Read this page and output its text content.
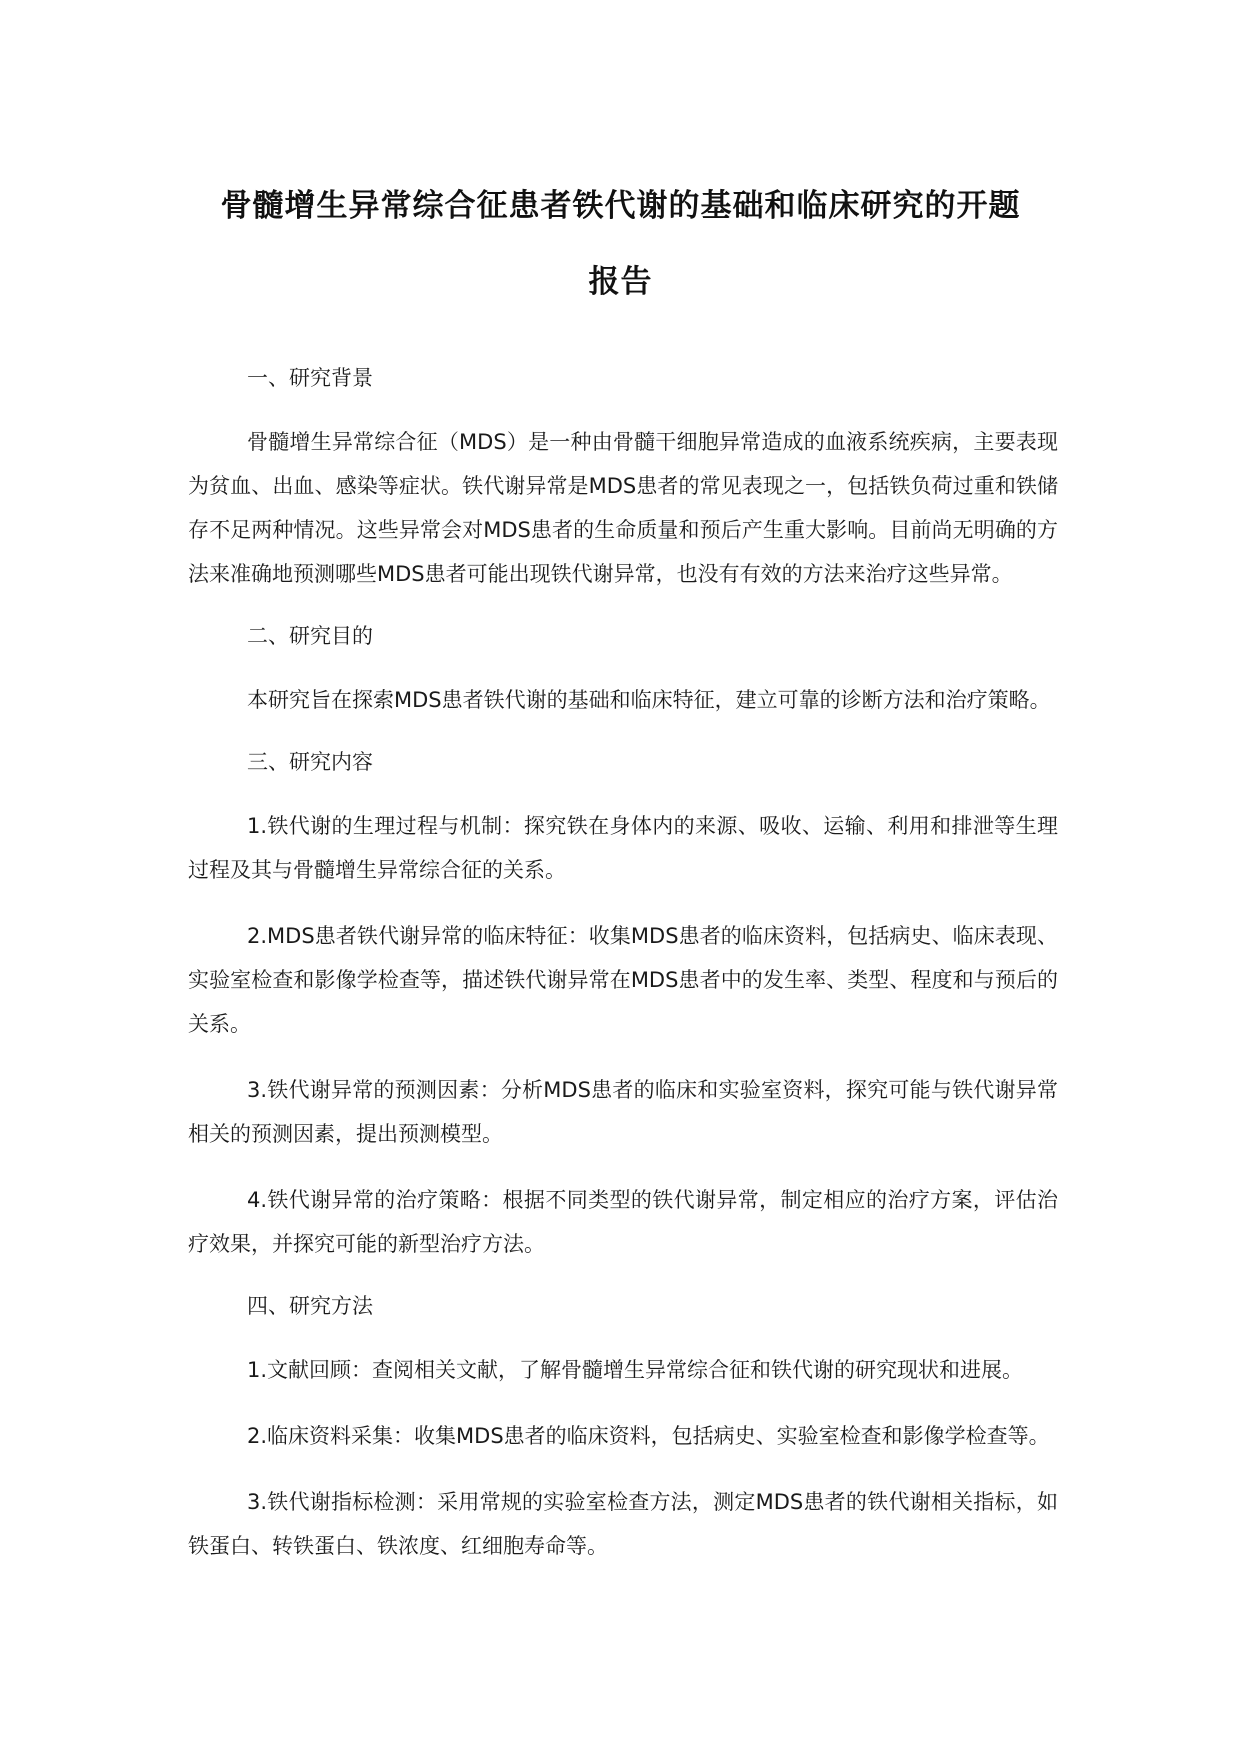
骨髓增生异常综合征患者铁代谢的基础和临床研究的开题
报告
一、研究背景

骨髓增生异常综合征（MDS）是一种由骨髓干细胞异常造成的血液系统疾病，主要表现为贫血、出血、感染等症状。铁代谢异常是MDS患者的常见表现之一，包括铁负荷过重和铁储存不足两种情况。这些异常会对MDS患者的生命质量和预后产生重大影响。目前尚无明确的方法来准确地预测哪些MDS患者可能出现铁代谢异常，也没有有效的方法来治疗这些异常。

二、研究目的

本研究旨在探索MDS患者铁代谢的基础和临床特征，建立可靠的诊断方法和治疗策略。

三、研究内容

1.铁代谢的生理过程与机制：探究铁在身体内的来源、吸收、运输、利用和排泄等生理过程及其与骨髓增生异常综合征的关系。

2.MDS患者铁代谢异常的临床特征：收集MDS患者的临床资料，包括病史、临床表现、实验室检查和影像学检查等，描述铁代谢异常在MDS患者中的发生率、类型、程度和与预后的关系。

3.铁代谢异常的预测因素：分析MDS患者的临床和实验室资料，探究可能与铁代谢异常相关的预测因素，提出预测模型。

4.铁代谢异常的治疗策略：根据不同类型的铁代谢异常，制定相应的治疗方案，评估治疗效果，并探究可能的新型治疗方法。

四、研究方法

1.文献回顾：查阅相关文献，了解骨髓增生异常综合征和铁代谢的研究现状和进展。

2.临床资料采集：收集MDS患者的临床资料，包括病史、实验室检查和影像学检查等。

3.铁代谢指标检测：采用常规的实验室检查方法，测定MDS患者的铁代谢相关指标，如铁蛋白、转铁蛋白、铁浓度、红细胞寿命等。
